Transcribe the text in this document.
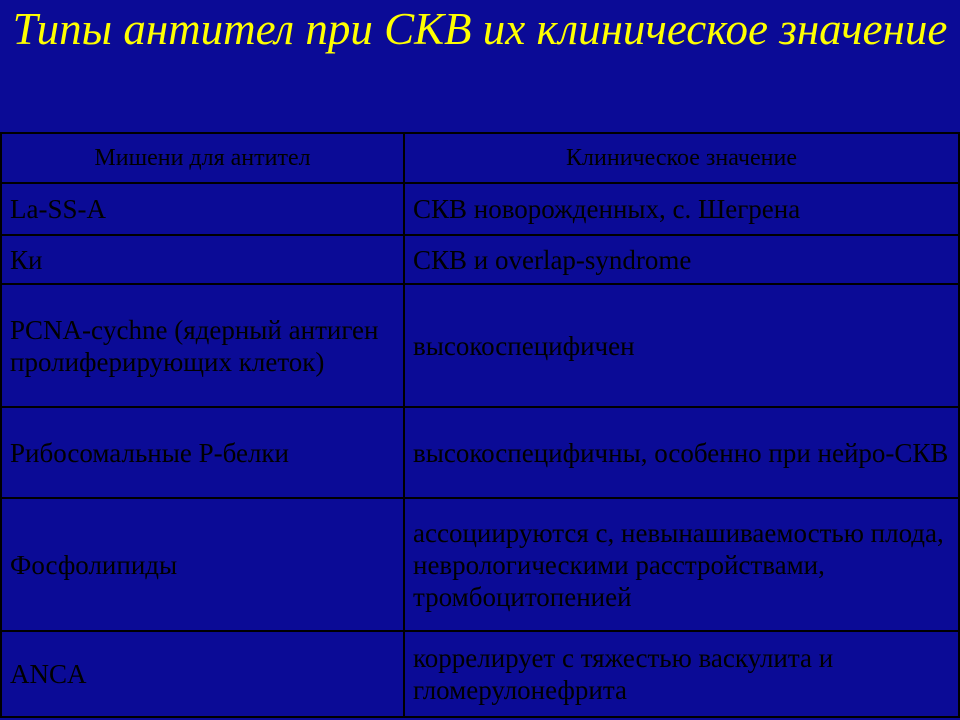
Типы антител при СКВ их клиническое значение
Мишени для антител	Клиническое значение
La-SS-A	СКВ новорожденных, с. Шегрена
Ки	СКВ и overlap-syndrome
PCNA-cychne (ядерный антиген пролиферирующих клеток)	высокоспецифичен
Рибосомальные Р-белки	высокоспецифичны, особенно при нейро-СКВ
Фосфолипиды	ассоциируются с, невынашиваемостью плода, неврологическими расстройствами, тромбоцитопенией
ANCA	коррелирует с тяжестью васкулита и гломерулонефрита
